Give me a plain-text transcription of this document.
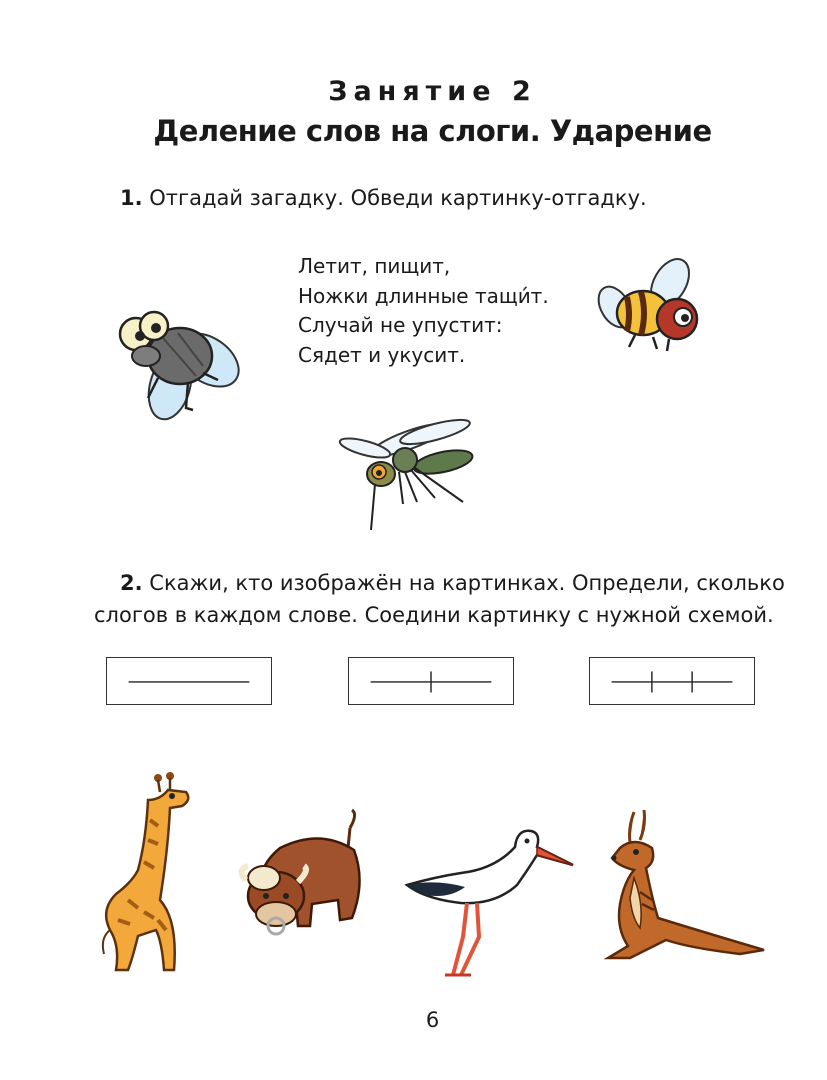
Занятие 2
Деление слов на слоги. Ударение
1. Отгадай загадку. Обведи картинку-отгадку.
Летит, пищит,
Ножки длинные тащи́т.
Случай не упустит:
Сядет и укусит.
2. Скажи, кто изображён на картинках. Определи, сколько
слогов в каждом слове. Соедини картинку с нужной схемой.
6
